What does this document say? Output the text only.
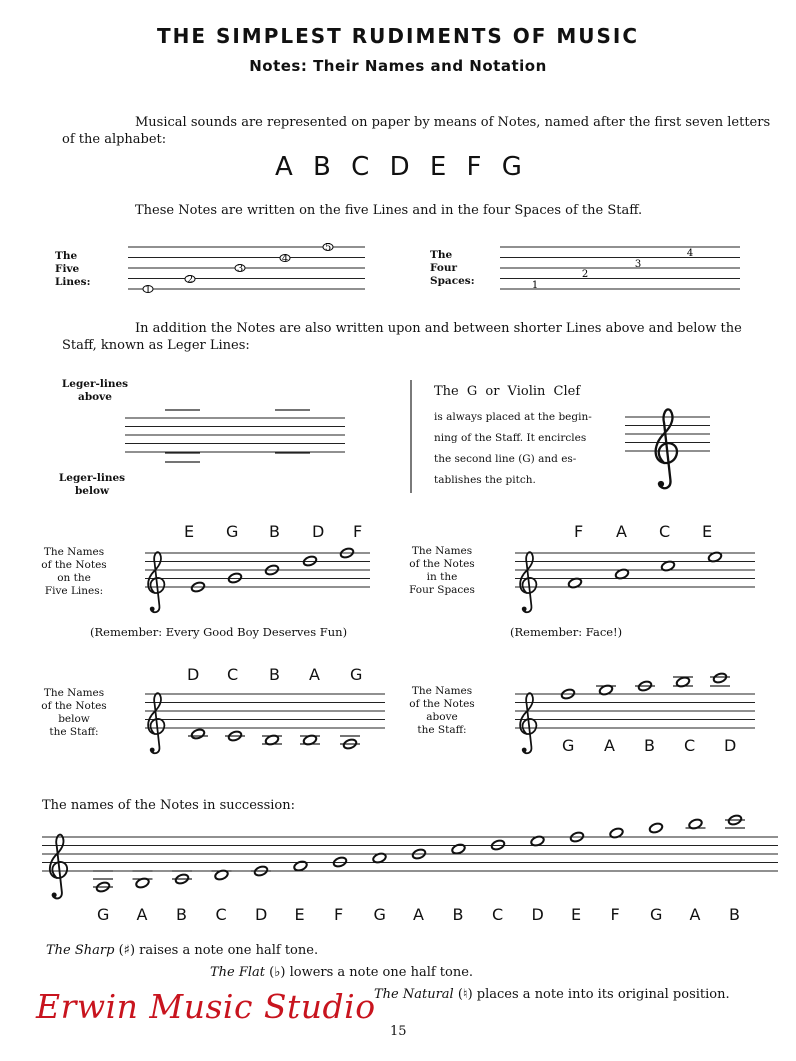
THE SIMPLEST RUDIMENTS OF MUSIC
Notes: Their Names and Notation
Musical sounds are represented on paper by means of Notes, named after the first seven letters
of the alphabet:
A B C D E F G
These Notes are written on the five Lines and in the four Spaces of the Staff.
The
Five
Lines:
The
Four
Spaces:
In addition the Notes are also written upon and between shorter Lines above and below the
Staff, known as Leger Lines:
Leger-lines
above
Leger-lines
below
The G or Violin Clef
is always placed at the begin-
ning of the Staff. It encircles
the second line (G) and es-
tablishes the pitch.
The Names
of the Notes
on the
Five Lines:
The Names
of the Notes
in the
Four Spaces
(Remember: Every Good Boy Deserves Fun)	(Remember: Face!)
The Names
of the Notes
below
the Staff:
The Names
of the Notes
above
the Staff:
E G B D F	F A C E
D C B A G
G A B C D
G A B C D E F G A B C D E F G A B
The names of the Notes in succession:
The Sharp (♯) raises a note one half tone.
The Flat (♭) lowers a note one half tone.
The Natural (♮) places a note into its original position.
Erwin Music Studio
15
1
2
3
4
5
1
2
3
4
